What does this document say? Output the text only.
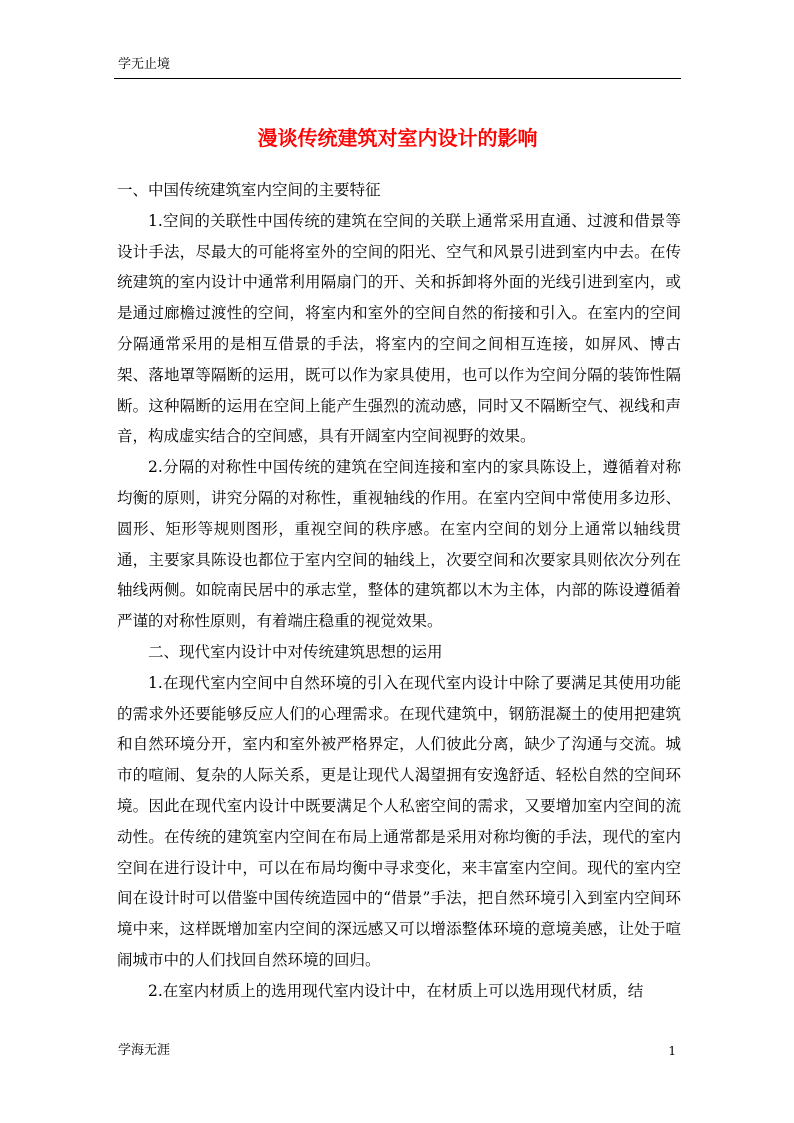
学无止境
漫谈传统建筑对室内设计的影响

一、中国传统建筑室内空间的主要特征

1.空间的关联性中国传统的建筑在空间的关联上通常采用直通、过渡和借景等设计手法，尽最大的可能将室外的空间的阳光、空气和风景引进到室内中去。在传统建筑的室内设计中通常利用隔扇门的开、关和拆卸将外面的光线引进到室内，或是通过廊檐过渡性的空间，将室内和室外的空间自然的衔接和引入。在室内的空间分隔通常采用的是相互借景的手法，将室内的空间之间相互连接，如屏风、博古架、落地罩等隔断的运用，既可以作为家具使用，也可以作为空间分隔的装饰性隔断。这种隔断的运用在空间上能产生强烈的流动感，同时又不隔断空气、视线和声音，构成虚实结合的空间感，具有开阔室内空间视野的效果。

2.分隔的对称性中国传统的建筑在空间连接和室内的家具陈设上，遵循着对称均衡的原则，讲究分隔的对称性，重视轴线的作用。在室内空间中常使用多边形、圆形、矩形等规则图形，重视空间的秩序感。在室内空间的划分上通常以轴线贯通，主要家具陈设也都位于室内空间的轴线上，次要空间和次要家具则依次分列在轴线两侧。如皖南民居中的承志堂，整体的建筑都以木为主体，内部的陈设遵循着严谨的对称性原则，有着端庄稳重的视觉效果。

二、现代室内设计中对传统建筑思想的运用

1.在现代室内空间中自然环境的引入在现代室内设计中除了要满足其使用功能的需求外还要能够反应人们的心理需求。在现代建筑中，钢筋混凝土的使用把建筑和自然环境分开，室内和室外被严格界定，人们彼此分离，缺少了沟通与交流。城市的喧闹、复杂的人际关系，更是让现代人渴望拥有安逸舒适、轻松自然的空间环境。因此在现代室内设计中既要满足个人私密空间的需求，又要增加室内空间的流动性。在传统的建筑室内空间在布局上通常都是采用对称均衡的手法，现代的室内空间在进行设计中，可以在布局均衡中寻求变化，来丰富室内空间。现代的室内空间在设计时可以借鉴中国传统造园中的“借景”手法，把自然环境引入到室内空间环境中来，这样既增加室内空间的深远感又可以增添整体环境的意境美感，让处于喧闹城市中的人们找回自然环境的回归。

2.在室内材质上的选用现代室内设计中，在材质上可以选用现代材质，结

学海无涯	1
